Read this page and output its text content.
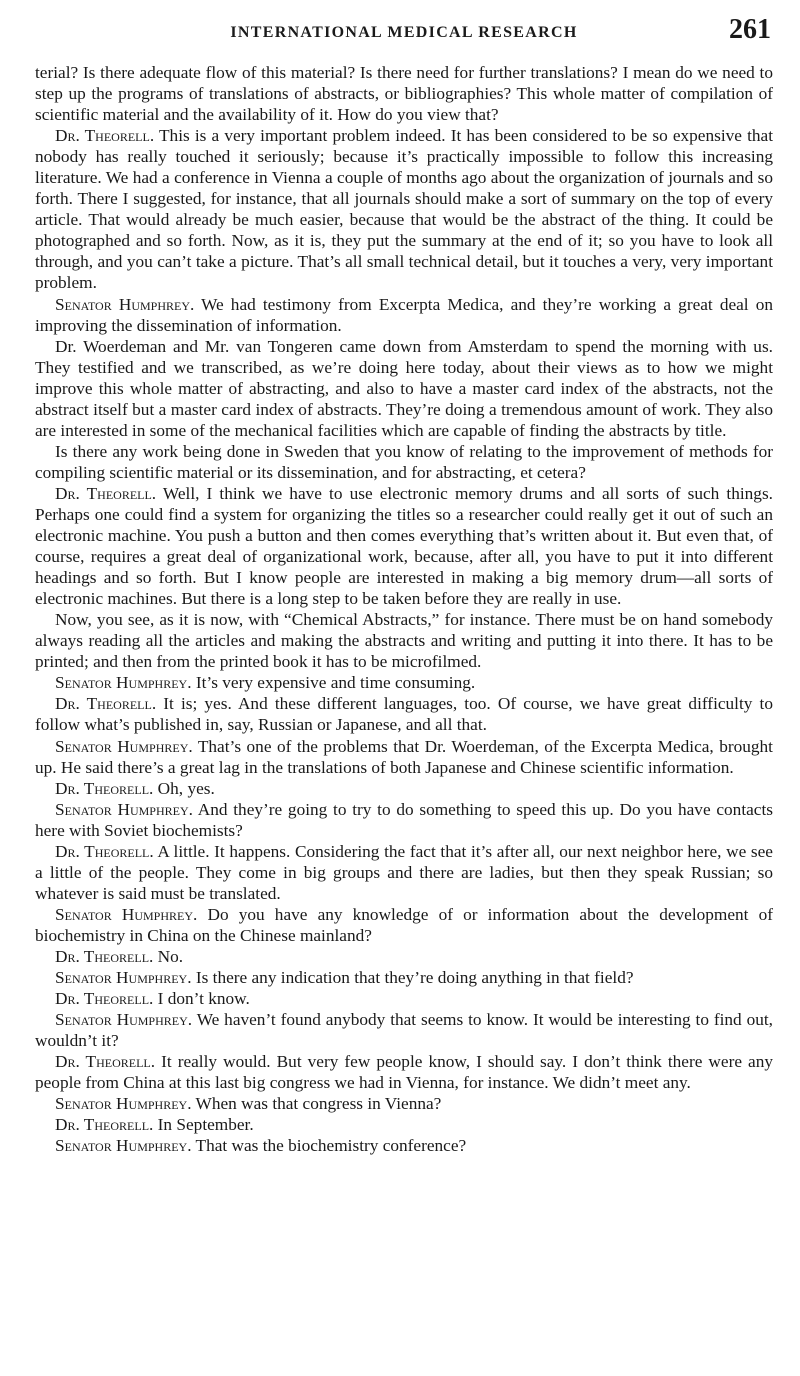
INTERNATIONAL MEDICAL RESEARCH	261

terial? Is there adequate flow of this material? Is there need for further translations? I mean do we need to step up the programs of translations of abstracts, or bibliographies? This whole matter of compilation of scientific material and the availability of it. How do you view that?

Dr. Theorell. This is a very important problem indeed. It has been considered to be so expensive that nobody has really touched it seriously; because it’s practically impossible to follow this increasing literature. We had a conference in Vienna a couple of months ago about the organization of journals and so forth. There I suggested, for instance, that all journals should make a sort of summary on the top of every article. That would already be much easier, because that would be the abstract of the thing. It could be photographed and so forth. Now, as it is, they put the summary at the end of it; so you have to look all through, and you can’t take a picture. That’s all small technical detail, but it touches a very, very important problem.

Senator Humphrey. We had testimony from Excerpta Medica, and they’re working a great deal on improving the dissemination of information.

Dr. Woerdeman and Mr. van Tongeren came down from Amsterdam to spend the morning with us. They testified and we transcribed, as we’re doing here today, about their views as to how we might improve this whole matter of abstracting, and also to have a master card index of the abstracts, not the abstract itself but a master card index of abstracts. They’re doing a tremendous amount of work. They also are interested in some of the mechanical facilities which are capable of finding the abstracts by title.

Is there any work being done in Sweden that you know of relating to the improvement of methods for compiling scientific material or its dissemination, and for abstracting, et cetera?

Dr. Theorell. Well, I think we have to use electronic memory drums and all sorts of such things. Perhaps one could find a system for organizing the titles so a researcher could really get it out of such an electronic machine. You push a button and then comes everything that’s written about it. But even that, of course, requires a great deal of organizational work, because, after all, you have to put it into different headings and so forth. But I know people are interested in making a big memory drum—all sorts of electronic machines. But there is a long step to be taken before they are really in use.

Now, you see, as it is now, with “Chemical Abstracts,” for instance. There must be on hand somebody always reading all the articles and making the abstracts and writing and putting it into there. It has to be printed; and then from the printed book it has to be microfilmed.

Senator Humphrey. It’s very expensive and time consuming.

Dr. Theorell. It is; yes. And these different languages, too. Of course, we have great difficulty to follow what’s published in, say, Russian or Japanese, and all that.

Senator Humphrey. That’s one of the problems that Dr. Woerdeman, of the Excerpta Medica, brought up. He said there’s a great lag in the translations of both Japanese and Chinese scientific information.

Dr. Theorell. Oh, yes.

Senator Humphrey. And they’re going to try to do something to speed this up. Do you have contacts here with Soviet biochemists?

Dr. Theorell. A little. It happens. Considering the fact that it’s after all, our next neighbor here, we see a little of the people. They come in big groups and there are ladies, but then they speak Russian; so whatever is said must be translated.

Senator Humphrey. Do you have any knowledge of or information about the development of biochemistry in China on the Chinese mainland?

Dr. Theorell. No.

Senator Humphrey. Is there any indication that they’re doing anything in that field?

Dr. Theorell. I don’t know.

Senator Humphrey. We haven’t found anybody that seems to know. It would be interesting to find out, wouldn’t it?

Dr. Theorell. It really would. But very few people know, I should say. I don’t think there were any people from China at this last big congress we had in Vienna, for instance. We didn’t meet any.

Senator Humphrey. When was that congress in Vienna?

Dr. Theorell. In September.

Senator Humphrey. That was the biochemistry conference?
